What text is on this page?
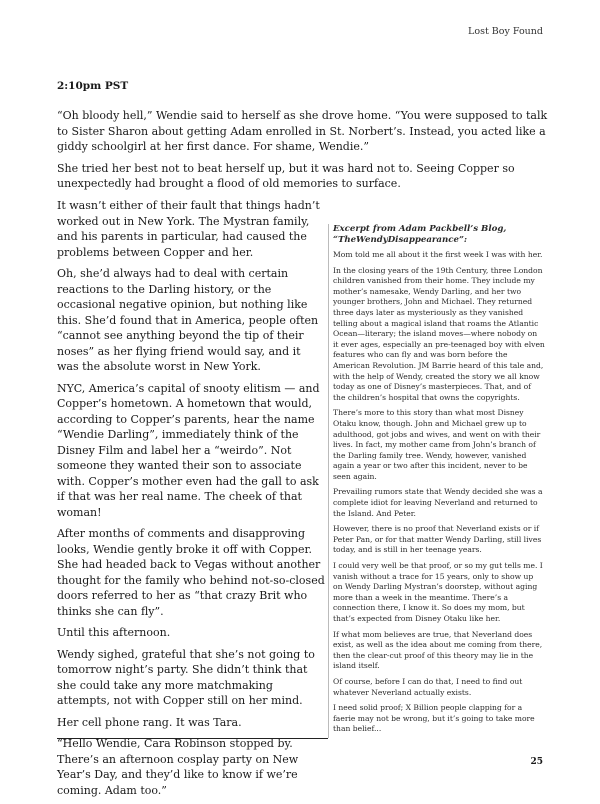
Lost Boy Found
2:10pm PST

“Oh bloody hell,” Wendie said to herself as she drove home. “You were supposed to talk to Sister Sharon about getting Adam enrolled in St. Norbert’s. Instead, you acted like a giddy schoolgirl at her first dance. For shame, Wendie.”

She tried her best not to beat herself up, but it was hard not to. Seeing Copper so unexpectedly had brought a flood of old memories to surface.

It wasn’t either of their fault that things hadn’t worked out in New York. The Mystran family, and his parents in particular, had caused the problems between Copper and her.

Oh, she’d always had to deal with certain reactions to the Darling history, or the occasional negative opinion, but nothing like this. She’d found that in America, people often “cannot see anything beyond the tip of their noses” as her flying friend would say, and it was the absolute worst in New York.

NYC, America’s capital of snooty elitism — and Copper’s hometown. A hometown that would, according to Copper’s parents, hear the name “Wendie Darling”, immediately think of the Disney Film and label her a “weirdo”. Not someone they wanted their son to associate with. Copper’s mother even had the gall to ask if that was her real name. The cheek of that woman!

After months of comments and disapproving looks, Wendie gently broke it off with Copper. She had headed back to Vegas without another thought for the family who behind not-so-closed doors referred to her as “that crazy Brit who thinks she can fly”.

Until this afternoon.

Wendy sighed, grateful that she’s not going to tomorrow night’s party. She didn’t think that she could take any more matchmaking attempts, not with Copper still on her mind.

Her cell phone rang. It was Tara.

“Hello Wendie, Cara Robinson stopped by. There’s an afternoon cosplay party on New Year’s Day, and they’d like to know if we’re coming. Adam too.”

Excerpt from Adam Packbell’s Blog, “TheWendyDisappearance”:

Mom told me all about it the first week I was with her.

In the closing years of the 19th Century, three London children vanished from their home. They include my mother’s namesake, Wendy Darling, and her two younger brothers, John and Michael. They returned three days later as mysteriously as they vanished telling about a magical island that roams the Atlantic Ocean—literary; the island moves—where nobody on it ever ages, especially an pre-teenaged boy with elven features who can fly and was born before the American Revolution. JM Barrie heard of this tale and, with the help of Wendy, created the story we all know today as one of Disney’s masterpieces. That, and of the children’s hospital that owns the copyrights.

There’s more to this story than what most Disney Otaku know, though. John and Michael grew up to adulthood, got jobs and wives, and went on with their lives. In fact, my mother came from John’s branch of the Darling family tree. Wendy, however, vanished again a year or two after this incident, never to be seen again.

Prevailing rumors state that Wendy decided she was a complete idiot for leaving Neverland and returned to the Island. And Peter.

However, there is no proof that Neverland exists or if Peter Pan, or for that matter Wendy Darling, still lives today, and is still in her teenage years.

I could very well be that proof, or so my gut tells me. I vanish without a trace for 15 years, only to show up on Wendy Darling Mystran’s doorstep, without aging more than a week in the meantime. There’s a connection there, I know it. So does my mom, but that’s expected from Disney Otaku like her.

If what mom believes are true, that Neverland does exist, as well as the idea about me coming from there, then the clear-cut proof of this theory may lie in the island itself.

Of course, before I can do that, I need to find out whatever Neverland actually exists.

I need solid proof; X Billion people clapping for a faerie may not be wrong, but it’s going to take more than belief...

25
